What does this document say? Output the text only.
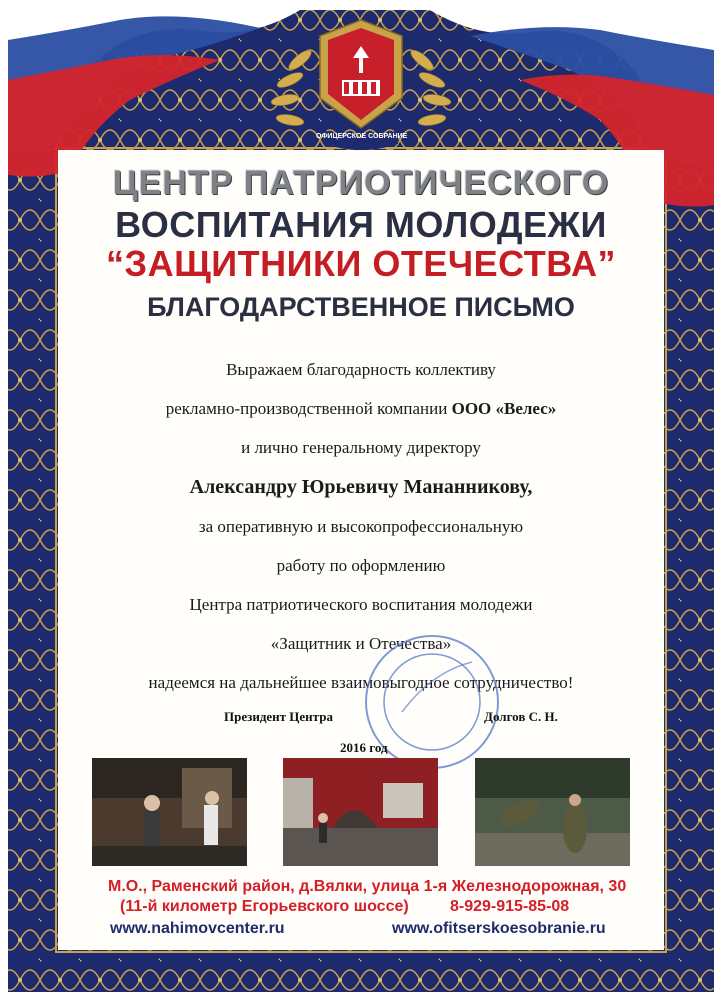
ОФИЦЕРСКОЕ СОБРАНИЕ
ЦЕНТР ПАТРИОТИЧЕСКОГО
ВОСПИТАНИЯ МОЛОДЕЖИ
“ЗАЩИТНИКИ ОТЕЧЕСТВА”
БЛАГОДАРСТВЕННОЕ ПИСЬМО
Выражаем благодарность коллективу
рекламно-производственной компании ООО «Велес»
и лично генеральному директору
Александру Юрьевичу Мананникову,
за оперативную и высокопрофессиональную
работу по оформлению
Центра патриотического воспитания молодежи
«Защитник и Отечества»
надеемся на дальнейшее взаимовыгодное сотрудничество!
Президент Центра	Долгов С. Н.
2016 год
М.О., Раменский район, д.Вялки, улица 1-я Железнодорожная, 30
(11-й километр Егорьевского шоссе)	8-929-915-85-08
www.nahimovcenter.ru	www.ofitserskoesobranie.ru
